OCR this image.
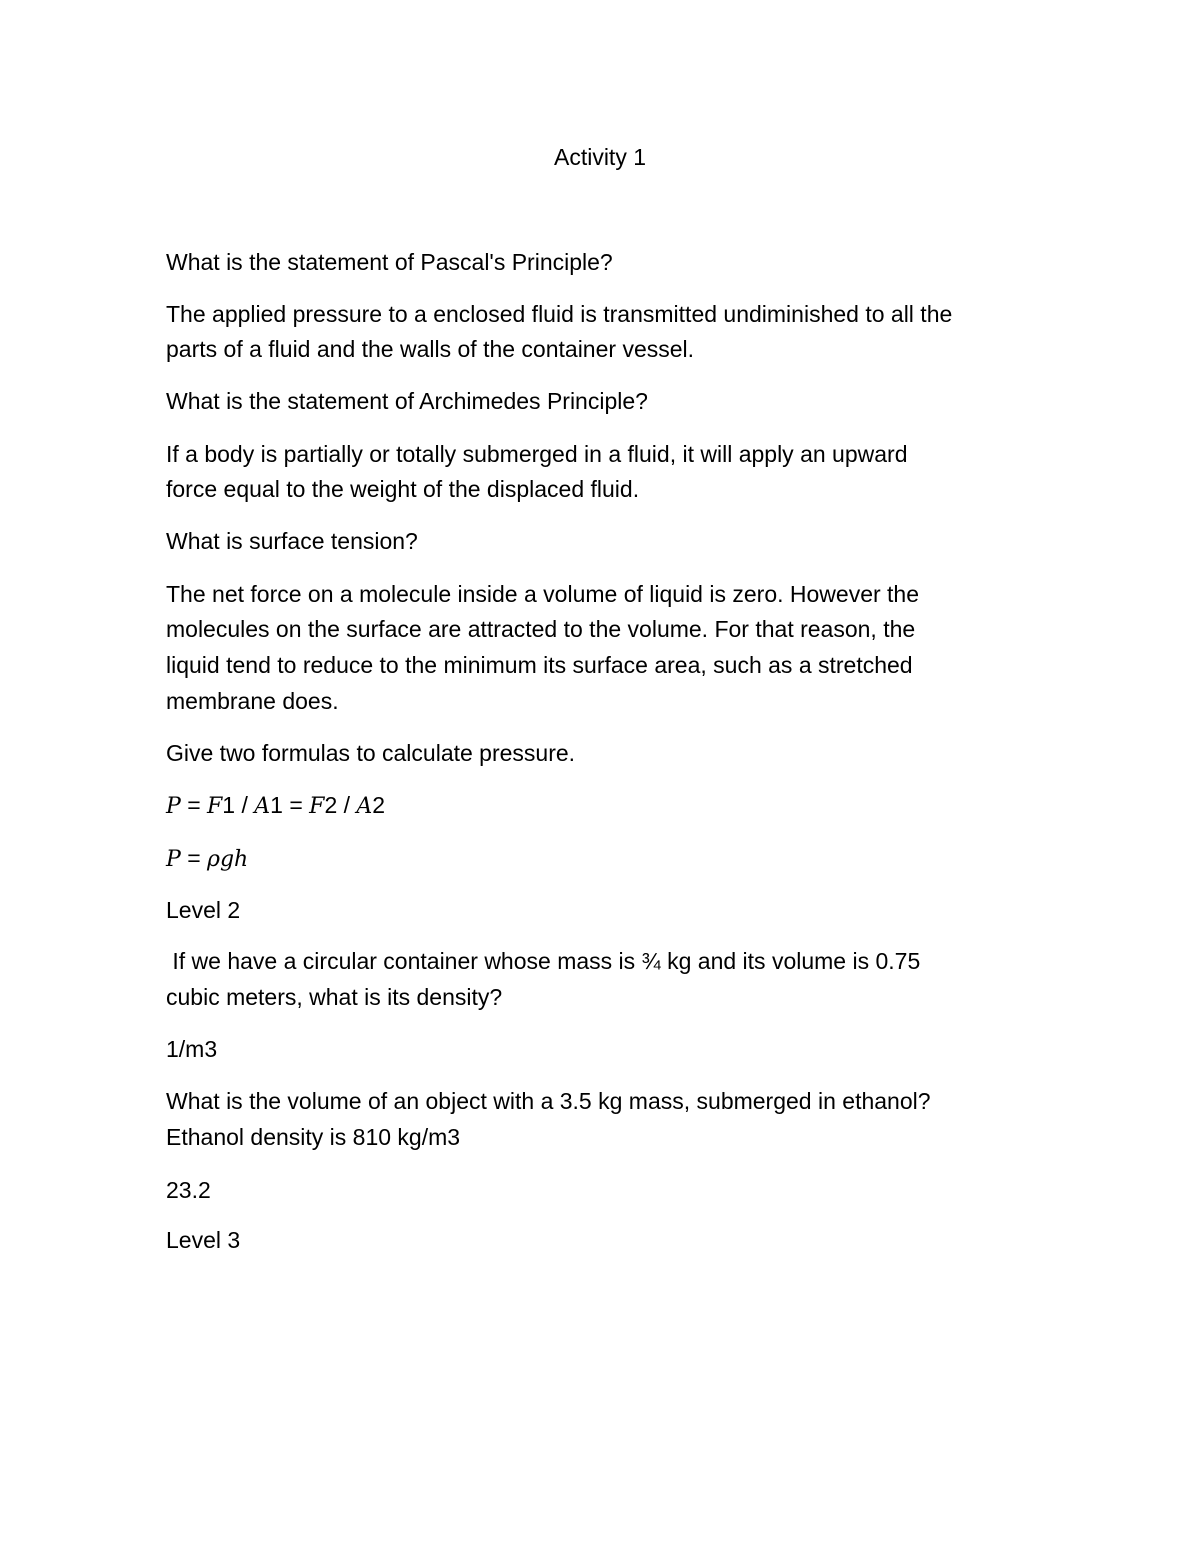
Activity 1
What is the statement of Pascal's Principle?
The applied pressure to a enclosed fluid is transmitted undiminished to all the
parts of a fluid and the walls of the container vessel.
What is the statement of Archimedes Principle?
If a body is partially or totally submerged in a fluid, it will apply an upward
force equal to the weight of the displaced fluid.
What is surface tension?
The net force on a molecule inside a volume of liquid is zero. However the
molecules on the surface are attracted to the volume. For that reason, the
liquid tend to reduce to the minimum its surface area, such as a stretched
membrane does.
Give two formulas to calculate pressure.
P = F1 / A1 = F2 / A2
P = ρgh
Level 2
If we have a circular container whose mass is ¾ kg and its volume is 0.75
cubic meters, what is its density?
1/m3
What is the volume of an object with a 3.5 kg mass, submerged in ethanol?
Ethanol density is 810 kg/m3
23.2
Level 3
